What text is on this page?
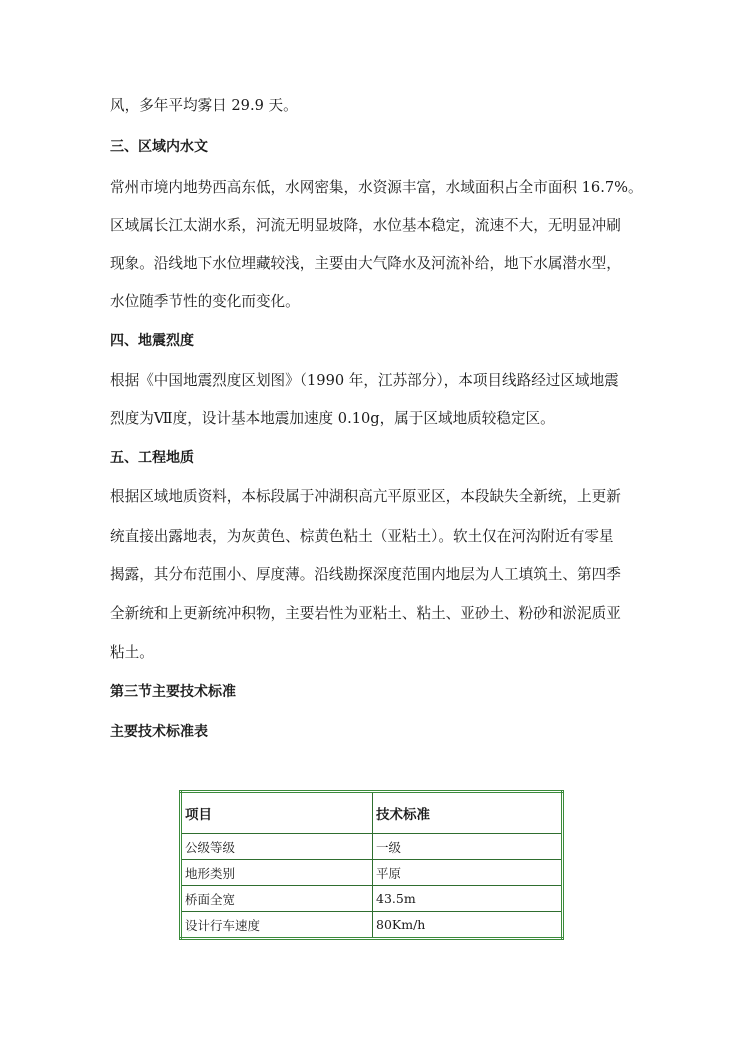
风，多年平均雾日 29.9 天。
三、区域内水文
常州市境内地势西高东低，水网密集，水资源丰富，水域面积占全市面积 16.7%。
区域属长江太湖水系，河流无明显坡降，水位基本稳定，流速不大，无明显冲刷
现象。沿线地下水位埋藏较浅，主要由大气降水及河流补给，地下水属潜水型，
水位随季节性的变化而变化。
四、地震烈度
根据《中国地震烈度区划图》（1990 年，江苏部分），本项目线路经过区域地震
烈度为Ⅶ度，设计基本地震加速度 0.10g，属于区域地质较稳定区。
五、工程地质
根据区域地质资料，本标段属于冲湖积高亢平原亚区，本段缺失全新统，上更新
统直接出露地表，为灰黄色、棕黄色粘土（亚粘土）。软土仅在河沟附近有零星
揭露，其分布范围小、厚度薄。沿线勘探深度范围内地层为人工填筑土、第四季
全新统和上更新统冲积物，主要岩性为亚粘土、粘土、亚砂土、粉砂和淤泥质亚
粘土。
第三节主要技术标准
主要技术标准表
项目	技术标准
公级等级	一级
地形类别	平原
桥面全宽	43.5m
设计行车速度	80Km/h
